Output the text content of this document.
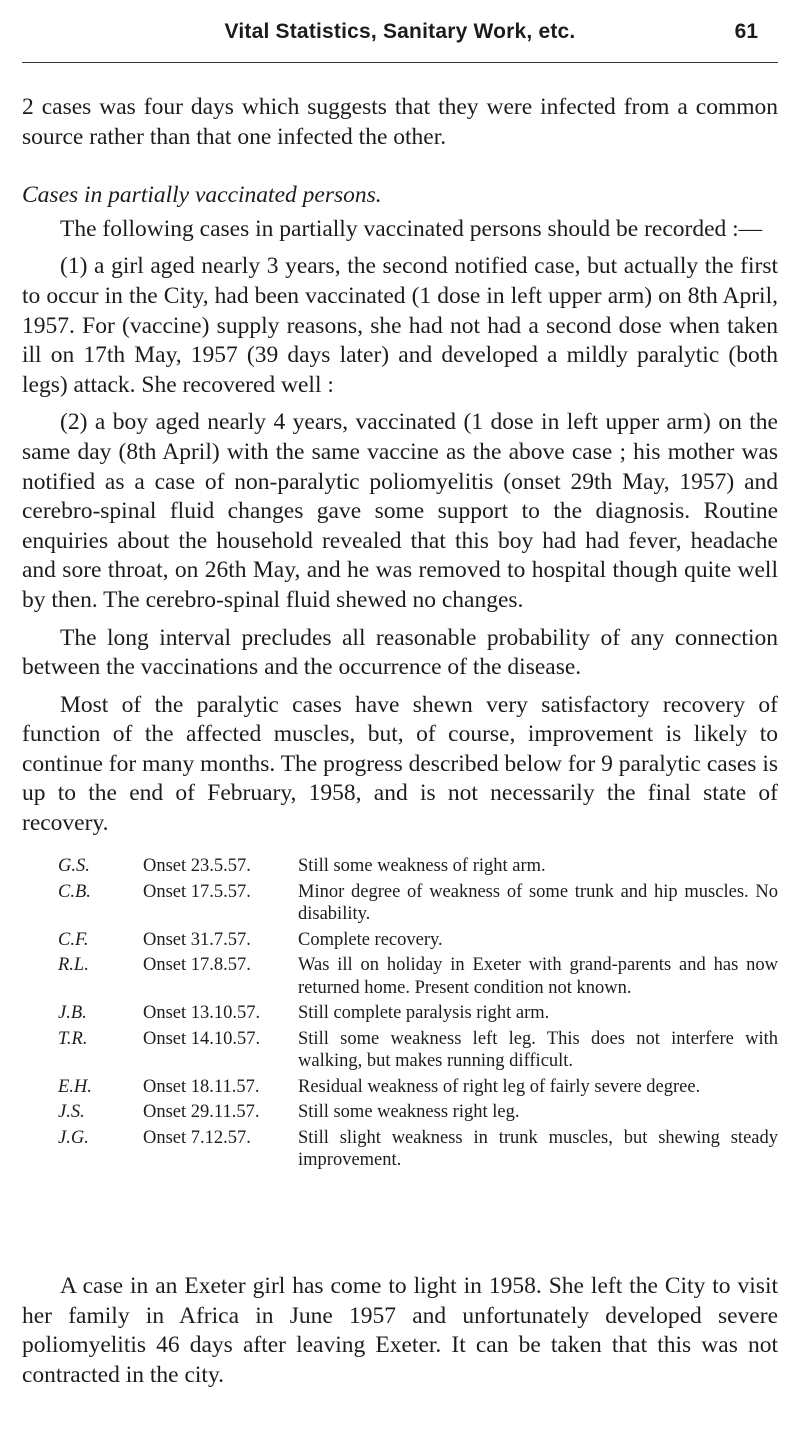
Vital Statistics, Sanitary Work, etc.	61

2 cases was four days which suggests that they were infected from a common source rather than that one infected the other.

Cases in partially vaccinated persons.

The following cases in partially vaccinated persons should be recorded :—

(1) a girl aged nearly 3 years, the second notified case, but actually the first to occur in the City, had been vaccinated (1 dose in left upper arm) on 8th April, 1957. For (vaccine) supply reasons, she had not had a second dose when taken ill on 17th May, 1957 (39 days later) and developed a mildly paralytic (both legs) attack. She recovered well :

(2) a boy aged nearly 4 years, vaccinated (1 dose in left upper arm) on the same day (8th April) with the same vaccine as the above case ; his mother was notified as a case of non-paralytic poliomyelitis (onset 29th May, 1957) and cerebro-spinal fluid changes gave some support to the diagnosis. Routine enquiries about the household revealed that this boy had had fever, headache and sore throat, on 26th May, and he was removed to hospital though quite well by then. The cerebro-spinal fluid shewed no changes.

The long interval precludes all reasonable probability of any connection between the vaccinations and the occurrence of the disease.

Most of the paralytic cases have shewn very satisfactory recovery of function of the affected muscles, but, of course, improvement is likely to continue for many months. The progress described below for 9 paralytic cases is up to the end of February, 1958, and is not necessarily the final state of recovery.

G.S.	Onset 23.5.57.	Still some weakness of right arm.
C.B.	Onset 17.5.57.	Minor degree of weakness of some trunk and hip muscles. No disability.
C.F.	Onset 31.7.57.	Complete recovery.
R.L.	Onset 17.8.57.	Was ill on holiday in Exeter with grand-parents and has now returned home. Present condition not known.
J.B.	Onset 13.10.57.	Still complete paralysis right arm.
T.R.	Onset 14.10.57.	Still some weakness left leg. This does not interfere with walking, but makes running difficult.
E.H.	Onset 18.11.57.	Residual weakness of right leg of fairly severe degree.
J.S.	Onset 29.11.57.	Still some weakness right leg.
J.G.	Onset 7.12.57.	Still slight weakness in trunk muscles, but shewing steady improvement.

A case in an Exeter girl has come to light in 1958. She left the City to visit her family in Africa in June 1957 and unfortunately developed severe poliomyelitis 46 days after leaving Exeter. It can be taken that this was not contracted in the city.
